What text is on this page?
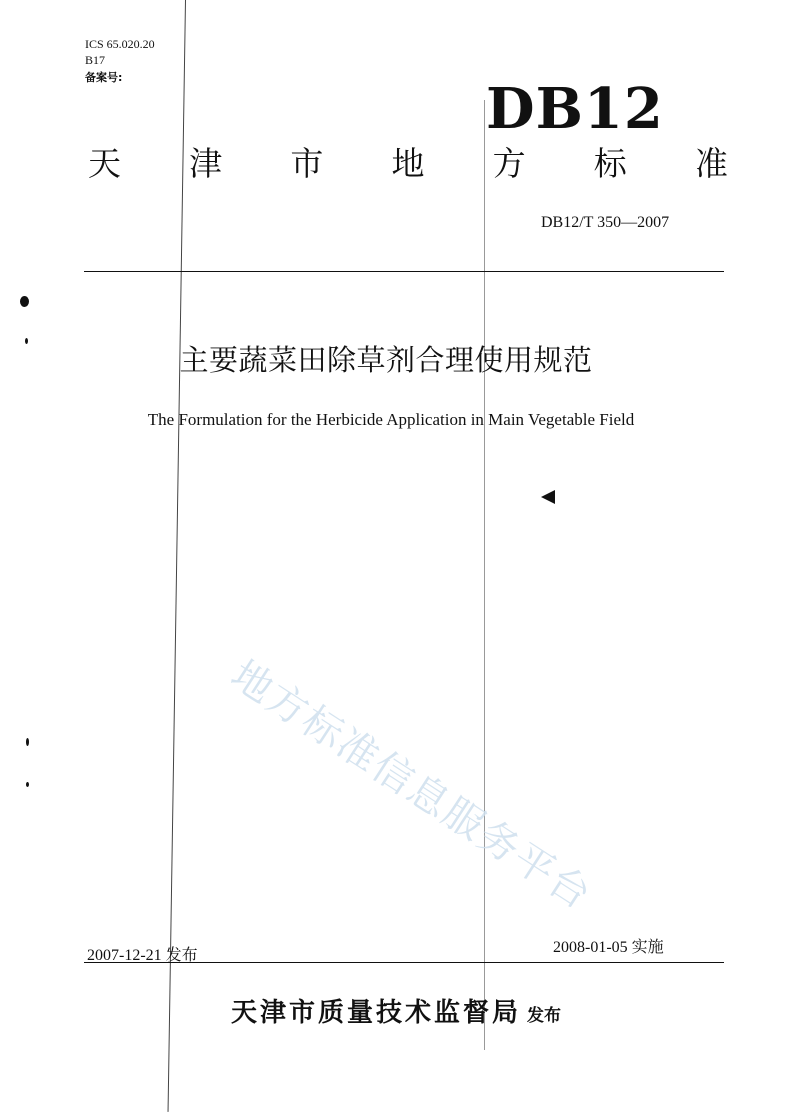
ICS 65.020.20
B17
备案号:	DB12
天 津 市 地 方 标 准
DB12/T 350—2007
主要蔬菜田除草剂合理使用规范
The Formulation for the Herbicide Application in Main Vegetable Field
地方标准信息服务平台
2007-12-21 发布	2008-01-05 实施
天津市质量技术监督局 发布
